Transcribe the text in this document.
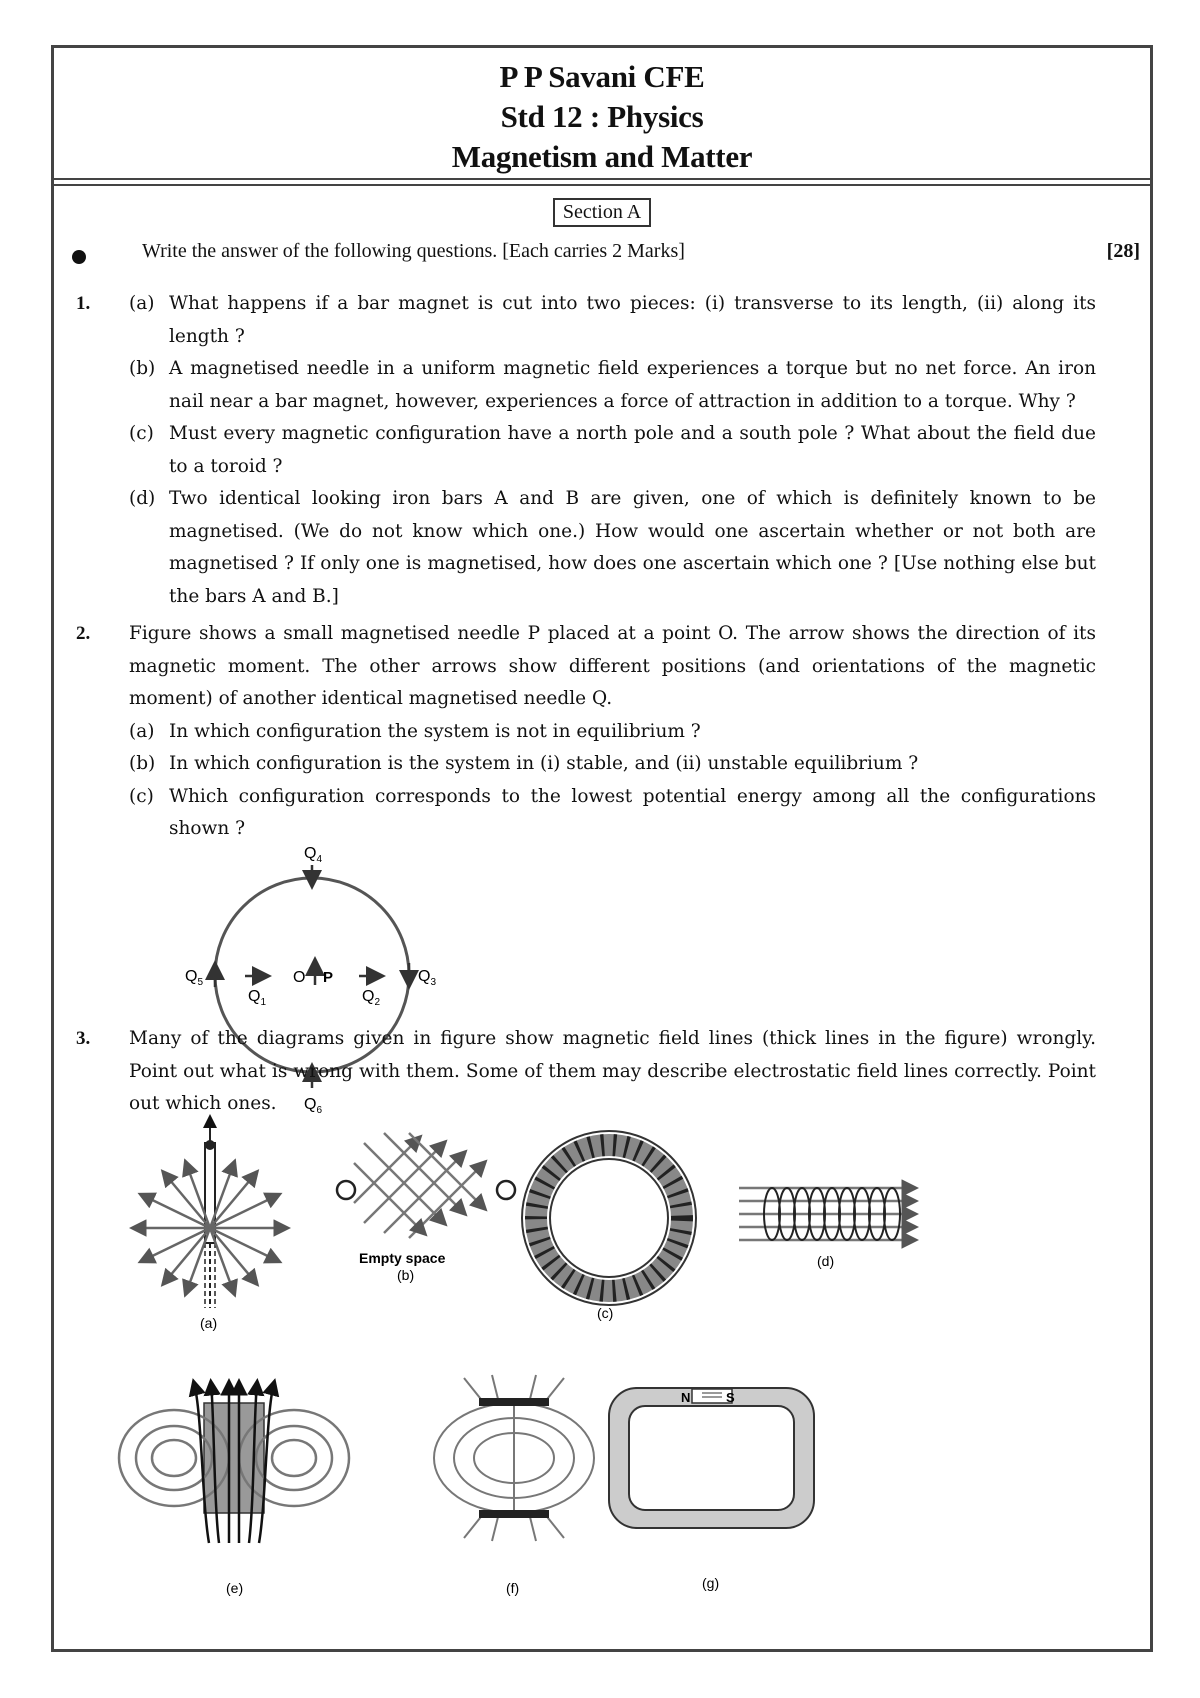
P P Savani CFE
Std 12 : Physics
Magnetism and Matter
Section A
Write the answer of the following questions. [Each carries 2 Marks]	[28]
1. (a) What happens if a bar magnet is cut into two pieces: (i) transverse to its length, (ii) along its length ?
(b) A magnetised needle in a uniform magnetic field experiences a torque but no net force. An iron nail near a bar magnet, however, experiences a force of attraction in addition to a torque. Why ?
(c) Must every magnetic configuration have a north pole and a south pole ? What about the field due to a toroid ?
(d) Two identical looking iron bars A and B are given, one of which is definitely known to be magnetised. (We do not know which one.) How would one ascertain whether or not both are magnetised ? If only one is magnetised, how does one ascertain which one ? [Use nothing else but the bars A and B.]
2. Figure shows a small magnetised needle P placed at a point O. The arrow shows the direction of its magnetic moment. The other arrows show different positions (and orientations of the magnetic moment) of another identical magnetised needle Q.
(a) In which configuration the system is not in equilibrium ?
(b) In which configuration is the system in (i) stable, and (ii) unstable equilibrium ?
(c) Which configuration corresponds to the lowest potential energy among all the configurations shown ?
$Q_4$
$Q_5$	$Q_3$
$Q_1$	$Q_2$
$Q_6$
O P
3. Many of the diagrams given in figure show magnetic field lines (thick lines in the figure) wrongly. Point out what is wrong with them. Some of them may describe electrostatic field lines correctly. Point out which ones.
(a)
Empty space
(b)
(c)
(d)
(e)	(f)
N	S
(g)
